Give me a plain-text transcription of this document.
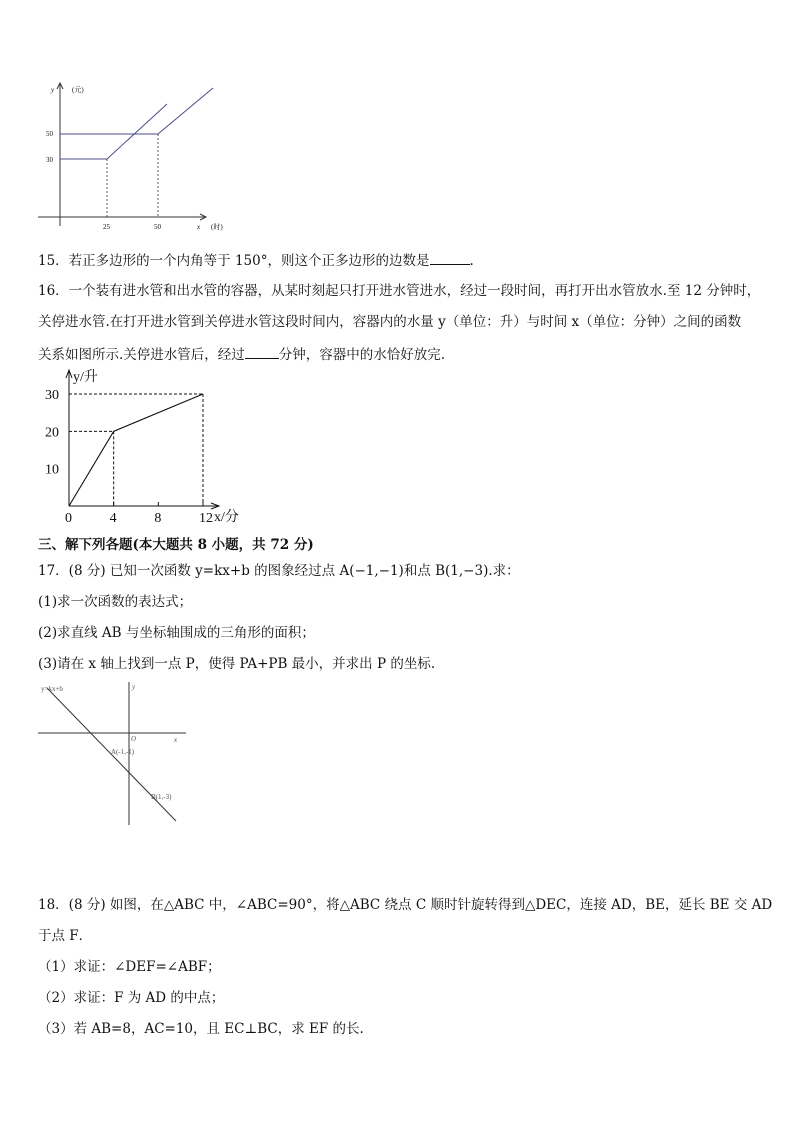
y	(元)
50
30
25	50	x (时)
15．若正多边形的一个内角等于 150°，则这个正多边形的边数是	.
16．一个装有进水管和出水管的容器，从某时刻起只打开进水管进水，经过一段时间，再打开出水管放水.至 12 分钟时，
关停进水管.在打开进水管到关停进水管这段时间内，容器内的水量 y（单位：升）与时间 x（单位：分钟）之间的函数
关系如图所示.关停进水管后，经过	分钟，容器中的水恰好放完.
y/升
x/分
0	4	8	12
10
20
30
三、解下列各题(本大题共 8 小题，共 72 分)
17．(8 分) 已知一次函数 y=kx+b 的图象经过点 A(−1,−1)和点 B(1,−3).求：
(1)求一次函数的表达式；
(2)求直线 AB 与坐标轴围成的三角形的面积；
(3)请在 x 轴上找到一点 P，使得 PA+PB 最小，并求出 P 的坐标.
y=kx+b	y
x
O
A(-1,-1)
B(1,-3)
18．(8 分) 如图，在△ABC 中，∠ABC=90°，将△ABC 绕点 C 顺时针旋转得到△DEC，连接 AD，BE，延长 BE 交 AD
于点 F．
（1）求证：∠DEF=∠ABF；
（2）求证：F 为 AD 的中点；
（3）若 AB=8，AC=10，且 EC⊥BC，求 EF 的长.
